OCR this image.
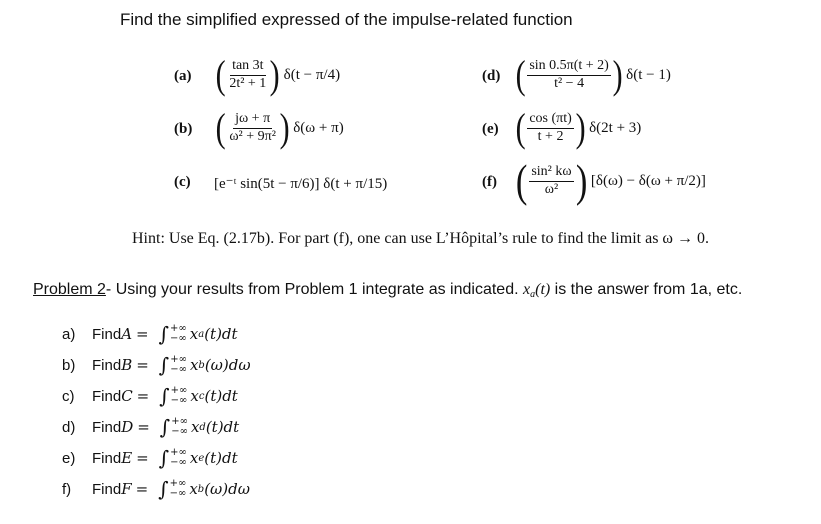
Find the simplified expressed of the impulse-related function
(a) ( $\frac{\tan 3t}{\text{2t² + 1}}$ ) δ(t − π/4)
(b) ( $\frac{j\omega + \pi}{\text{ω² + 9π²}}$ ) δ(ω + π)
(c) [e⁻ᵗ sin(5t − π/6)] δ(t + π/15)
(d) ( $\frac{\sin 0.5\pi(t + 2)}{\text{t² − 4}}$ ) δ(t − 1)
(e) ( $\frac{\cos (\pi t)}{t + 2}$ ) δ(2t + 3)
(f) ( $\frac{\text{sin² kω}}{\text{ω²}}$ ) [δ(ω) − δ(ω + π/2)]
Hint: Use Eq. (2.17b). For part (f), one can use L’Hôpital’s rule to find the limit as ω → 0.
Problem 2- Using your results from Problem 1 integrate as indicated. $x_a(t)$ is the answer from 1a, etc.
a)	Find A = ∫ +∞
−∞ x a (t)dt
b)	Find B = ∫ +∞
−∞ x b (ω)dω
c)	Find C = ∫ +∞
−∞ x c (t)dt
d)	Find D = ∫ +∞
−∞ x d (t)dt
e)	Find E = ∫ +∞
−∞ x e (t)dt
f)	Find F = ∫ +∞
−∞ x b (ω)dω
